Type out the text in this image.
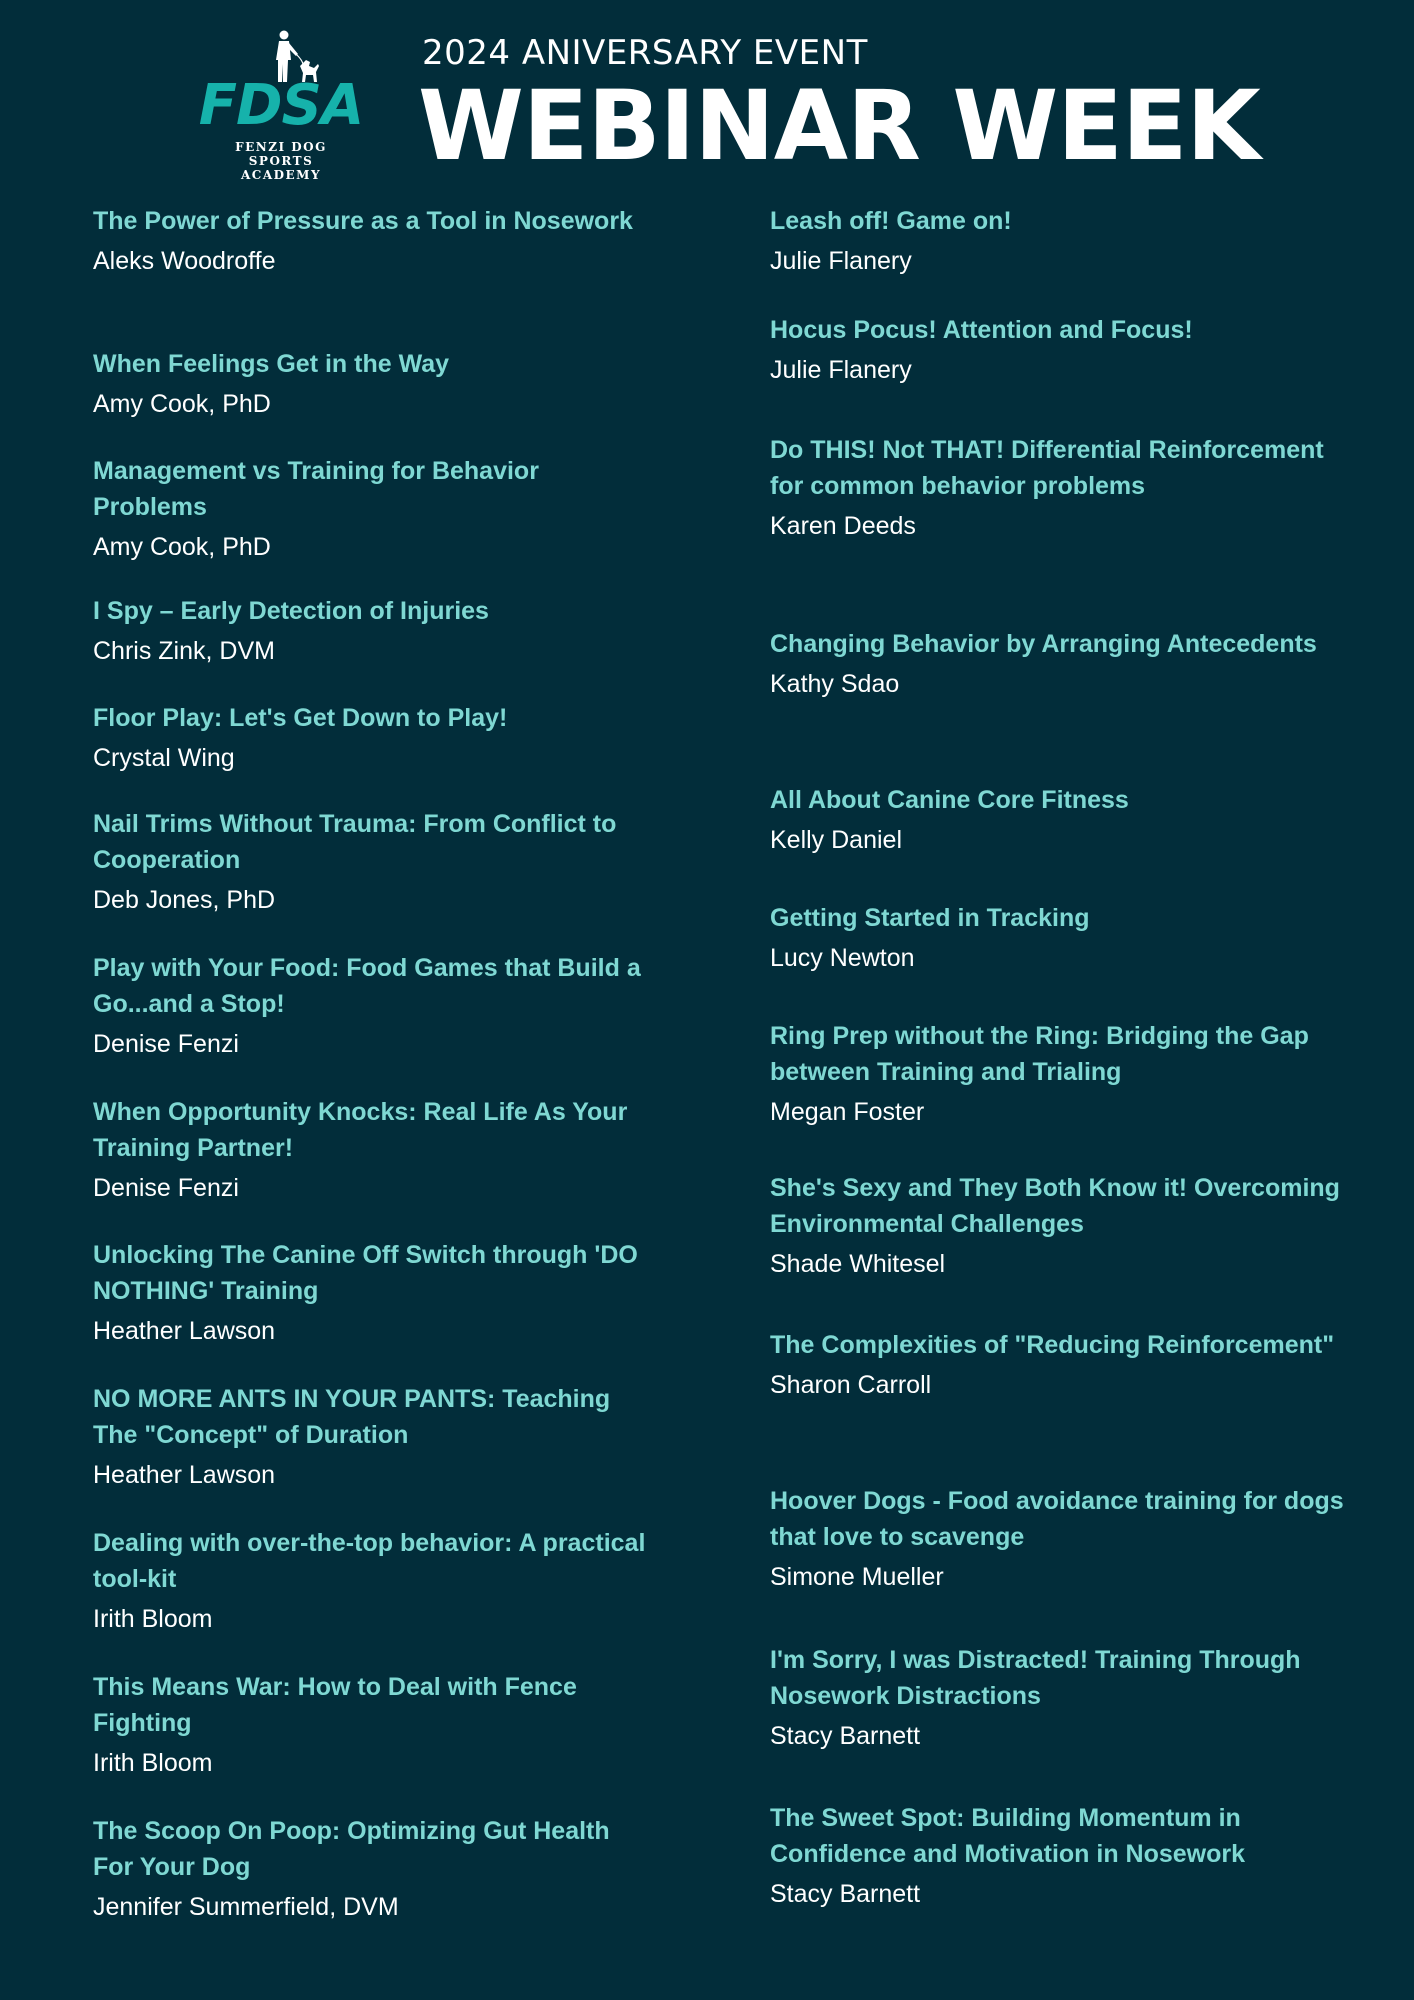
FDSA
FENZI DOG SPORTS ACADEMY
2024 ANIVERSARY EVENT
WEBINAR WEEK

The Power of Pressure as a Tool in Nosework

Aleks Woodroffe

When Feelings Get in the Way

Amy Cook, PhD

Management vs Training for Behavior Problems

Amy Cook, PhD

I Spy – Early Detection of Injuries

Chris Zink, DVM

Floor Play: Let's Get Down to Play!

Crystal Wing

Nail Trims Without Trauma: From Conflict to Cooperation

Deb Jones, PhD

Play with Your Food: Food Games that Build a Go...and a Stop!

Denise Fenzi

When Opportunity Knocks: Real Life As Your Training Partner!

Denise Fenzi

Unlocking The Canine Off Switch through 'DO NOTHING' Training

Heather Lawson

NO MORE ANTS IN YOUR PANTS: Teaching The "Concept" of Duration

Heather Lawson

Dealing with over-the-top behavior: A practical tool-kit

Irith Bloom

This Means War: How to Deal with Fence Fighting

Irith Bloom

The Scoop On Poop: Optimizing Gut Health For Your Dog

Jennifer Summerfield, DVM

Leash off! Game on!

Julie Flanery

Hocus Pocus! Attention and Focus!

Julie Flanery

Do THIS! Not THAT! Differential Reinforcement for common behavior problems

Karen Deeds

Changing Behavior by Arranging Antecedents

Kathy Sdao

All About Canine Core Fitness

Kelly Daniel

Getting Started in Tracking

Lucy Newton

Ring Prep without the Ring: Bridging the Gap between Training and Trialing

Megan Foster

She's Sexy and They Both Know it! Overcoming Environmental Challenges

Shade Whitesel

The Complexities of "Reducing Reinforcement"

Sharon Carroll

Hoover Dogs - Food avoidance training for dogs that love to scavenge

Simone Mueller

I'm Sorry, I was Distracted! Training Through Nosework Distractions

Stacy Barnett

The Sweet Spot: Building Momentum in Confidence and Motivation in Nosework

Stacy Barnett
